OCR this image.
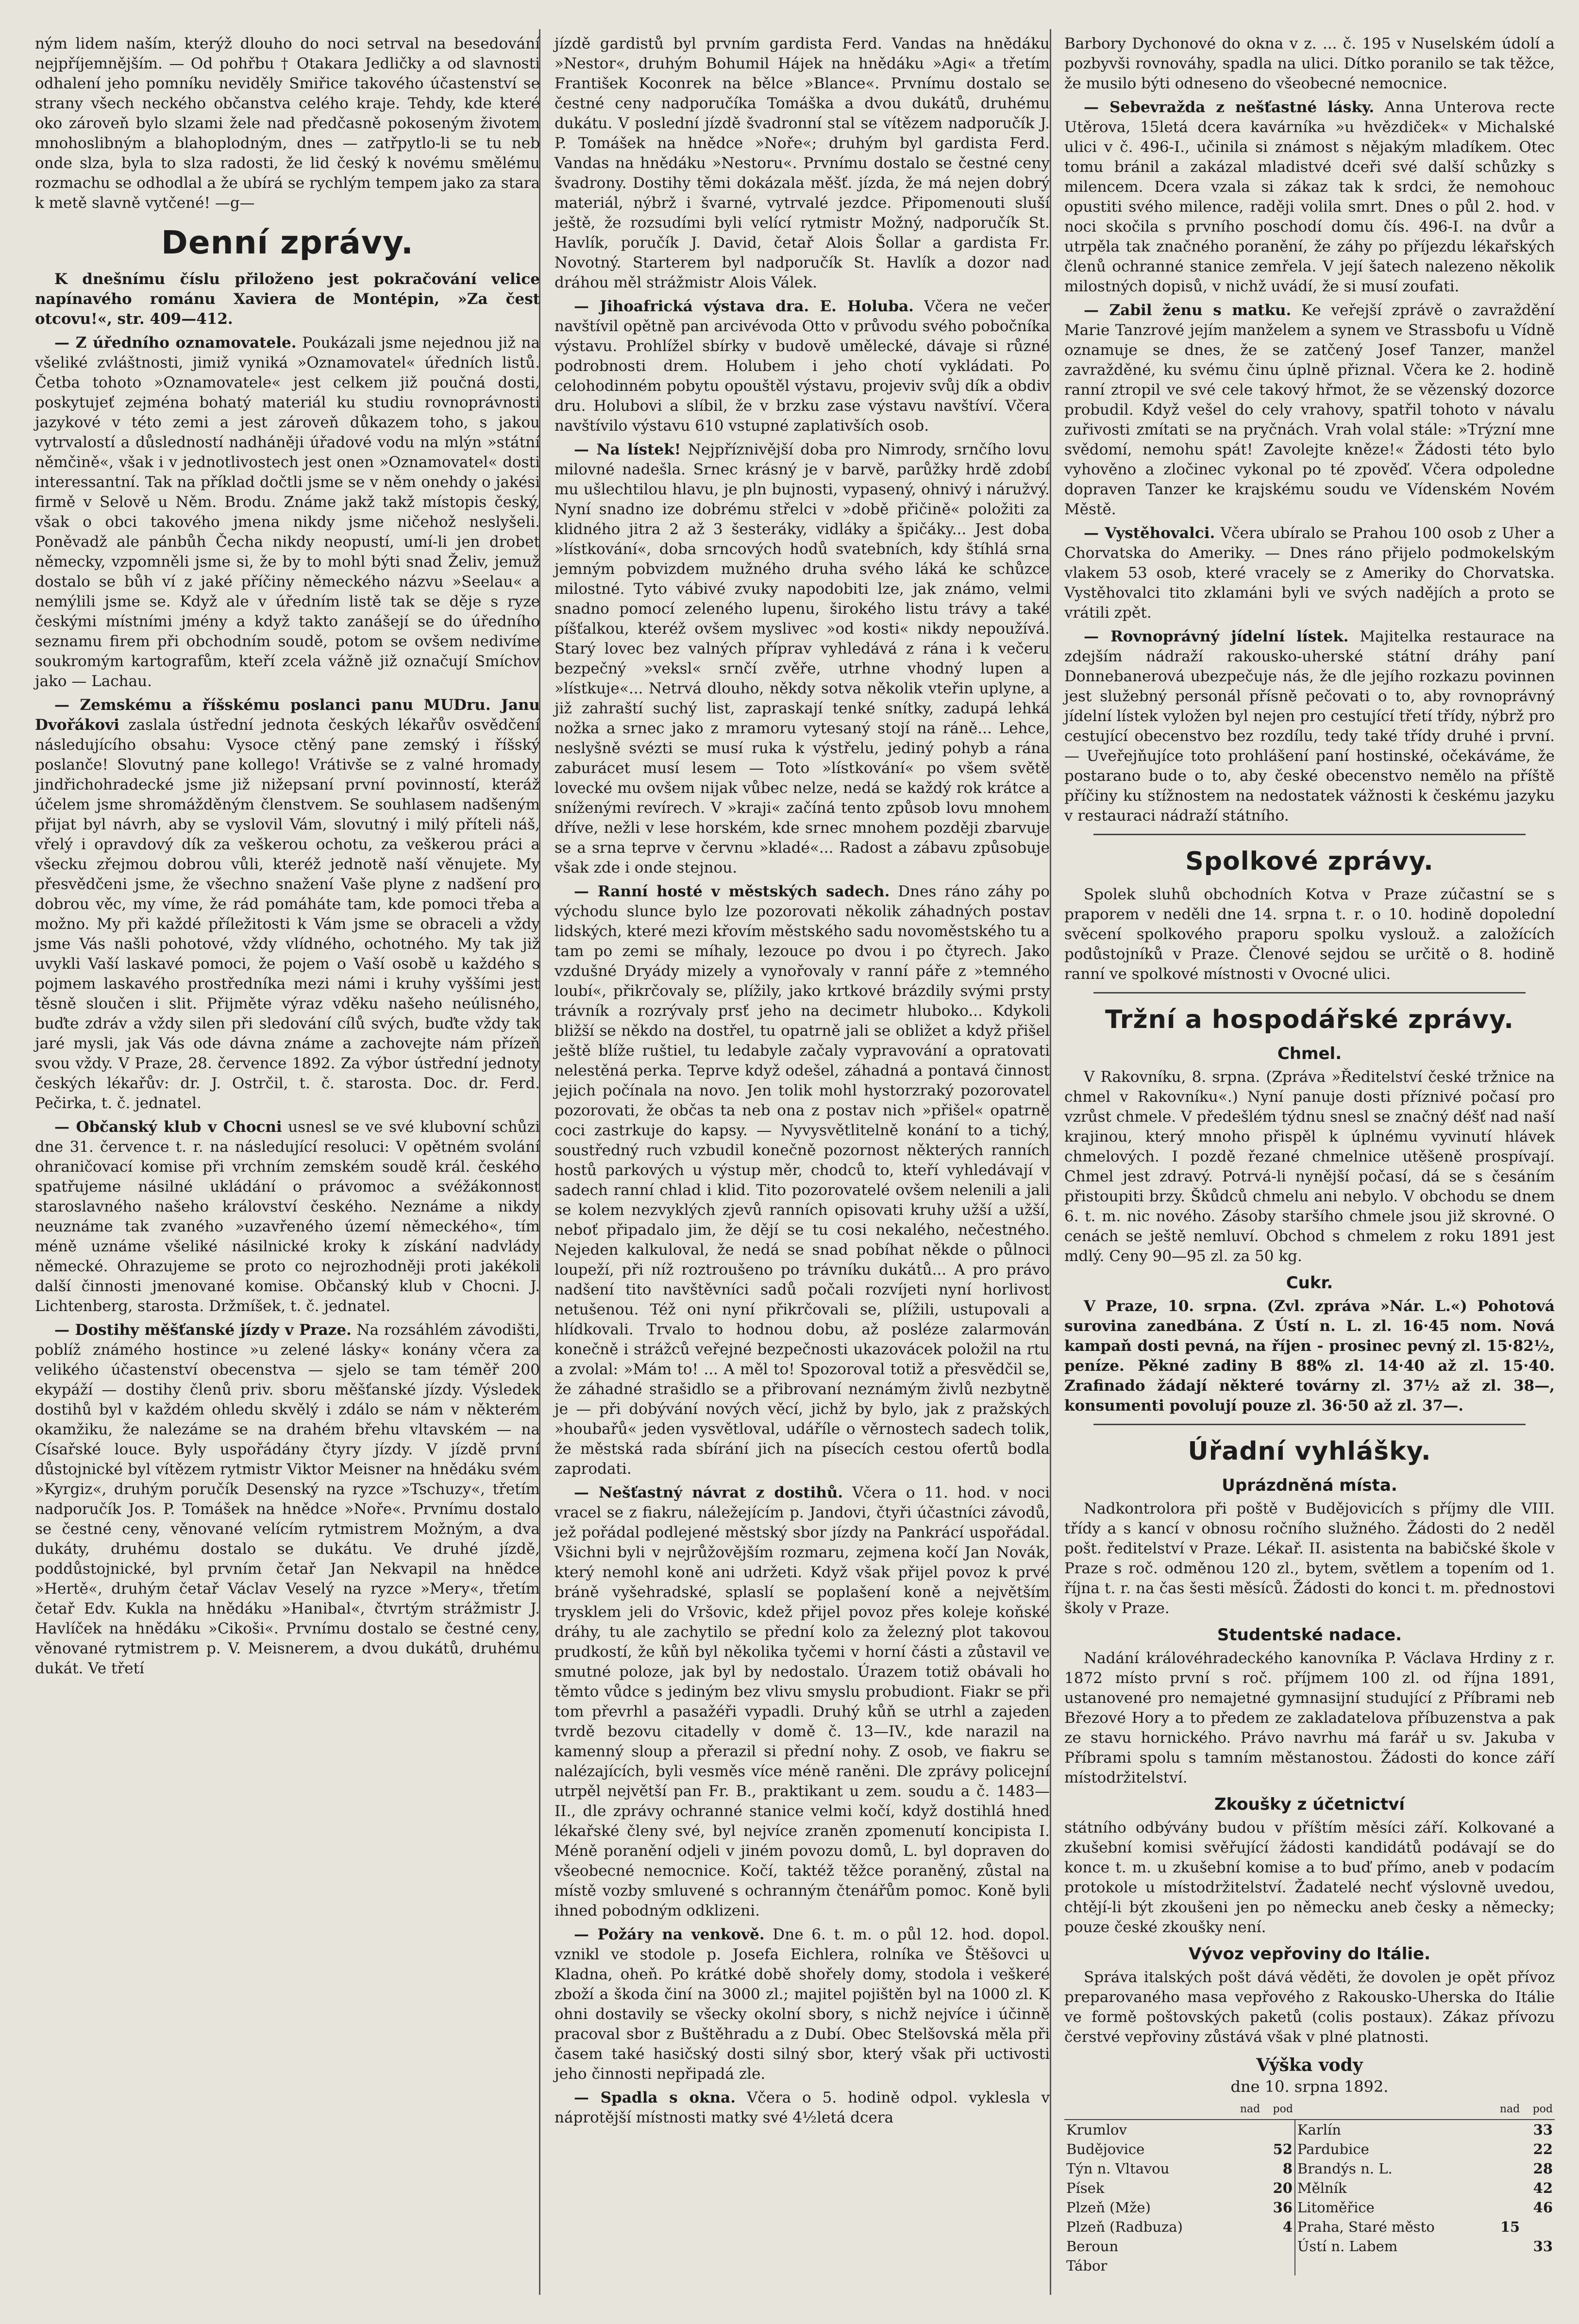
ným lidem naším, kterýž dlouho do noci setrval na besedování nejpříjemnějším. — Od pohřbu † Otakara Jedličky a od slavnosti odhalení jeho pomníku neviděly Smiřice takového účastenství se strany všech neckého občanstva celého kraje. Tehdy, kde které oko zároveň bylo slzami žele nad předčasně pokoseným životem mnohoslibným a blahoplodným, dnes — zatřpytlo-li se tu neb onde slza, byla to slza radosti, že lid český k novému smělému rozmachu se odhodlal a že ubírá se rychlým tempem jako za stara k metě slavně vytčené! —g—

Denní zprávy.

K dnešnímu číslu přiloženo jest pokračování velice napínavého románu Xaviera de Montépin, »Za čest otcovu!«, str. 409—412.

— Z úředního oznamovatele. Poukázali jsme nejednou již na všeliké zvláštnosti, jimiž vyniká »Oznamovatel« úředních listů. Četba tohoto »Oznamovatele« jest celkem již poučná dosti, poskytujeť zejména bohatý materiál ku studiu rovnoprávnosti jazykové v této zemi a jest zároveň důkazem toho, s jakou vytrvalostí a důsledností nadháněji úřadové vodu na mlýn »státní němčině«, však i v jednotlivostech jest onen »Oznamovatel« dosti interessantní. Tak na příklad dočtli jsme se v něm onehdy o jakési firmě v Selově u Něm. Brodu. Známe jakž takž místopis český, však o obci takového jmena nikdy jsme ničehož neslyšeli. Poněvadž ale pánbůh Čecha nikdy neopustí, umí-li jen drobet německy, vzpomněli jsme si, že by to mohl býti snad Želiv, jemuž dostalo se bůh ví z jaké příčiny německého názvu »Seelau« a nemýlili jsme se. Když ale v úředním listě tak se děje s ryze českými místními jmény a když takto zanášejí se do úředního seznamu firem při obchodním soudě, potom se ovšem nedivíme soukromým kartografům, kteří zcela vážně již označují Smíchov jako — Lachau.

— Zemskému a říšskému poslanci panu MUDru. Janu Dvořákovi zaslala ústřední jednota českých lékařův osvědčení následujícího obsahu: Vysoce ctěný pane zemský i říšský poslanče! Slovutný pane kollego! Vrátivše se z valné hromady jindřichohradecké jsme již nižepsaní první povinností, kteráž účelem jsme shromážděným členstvem. Se souhlasem nadšeným přijat byl návrh, aby se vyslovil Vám, slovutný i milý příteli náš, vřelý i opravdový dík za veškerou ochotu, za veškerou práci a všecku zřejmou dobrou vůli, kteréž jednotě naší věnujete. My přesvědčeni jsme, že všechno snažení Vaše plyne z nadšení pro dobrou věc, my víme, že rád pomáháte tam, kde pomoci třeba a možno. My při každé příležitosti k Vám jsme se obraceli a vždy jsme Vás našli pohotové, vždy vlídného, ochotného. My tak již uvykli Vaší laskavé pomoci, že pojem o Vaší osobě u každého s pojmem laskavého prostředníka mezi námi i kruhy vyššími jest těsně sloučen i slit. Přijměte výraz vděku našeho neúlisného, buďte zdráv a vždy silen při sledování cílů svých, buďte vždy tak jaré mysli, jak Vás ode dávna známe a zachovejte nám přízeň svou vždy. V Praze, 28. července 1892. Za výbor ústřední jednoty českých lékařův: dr. J. Ostrčil, t. č. starosta. Doc. dr. Ferd. Pečirka, t. č. jednatel.

— Občanský klub v Chocni usnesl se ve své klubovní schůzi dne 31. července t. r. na následující resoluci: V opětném svolání ohraničovací komise při vrchním zemském soudě král. českého spatřujeme násilné ukládání o právomoc a svéžákonnost staroslavného našeho království českého. Neznáme a nikdy neuznáme tak zvaného »uzavřeného území německého«, tím méně uznáme všeliké násilnické kroky k získání nadvlády německé. Ohrazujeme se proto co nejrozhodněji proti jakékoli další činnosti jmenované komise. Občanský klub v Chocni. J. Lichtenberg, starosta. Držmíšek, t. č. jednatel.

— Dostihy měšťanské jízdy v Praze. Na rozsáhlém závodišti, poblíž známého hostince »u zelené lásky« konány včera za velikého účastenství obecenstva — sjelo se tam téměř 200 ekypáží — dostihy členů priv. sboru měšťanské jízdy. Výsledek dostihů byl v každém ohledu skvělý i zdálo se nám v některém okamžiku, že nalezáme se na drahém břehu vltavském — na Císařské louce. Byly uspořádány čtyry jízdy. V jízdě první důstojnické byl vítězem rytmistr Viktor Meisner na hnědáku svém »Kyrgiz«, druhým poručík Desenský na ryzce »Tschuzy«, třetím nadporučík Jos. P. Tomášek na hnědce »Noře«. Prvnímu dostalo se čestné ceny, věnované velícím rytmistrem Možným, a dva dukáty, druhému dostalo se dukátu. Ve druhé jízdě, poddůstojnické, byl prvním četař Jan Nekvapil na hnědce »Hertě«, druhým četař Václav Veselý na ryzce »Mery«, třetím četař Edv. Kukla na hnědáku »Hanibal«, čtvrtým strážmistr J. Havlíček na hnědáku »Cikoši«. Prvnímu dostalo se čestné ceny, věnované rytmistrem p. V. Meisnerem, a dvou dukátů, druhému dukát. Ve třetí

jízdě gardistů byl prvním gardista Ferd. Vandas na hnědáku »Nestor«, druhým Bohumil Hájek na hnědáku »Agi« a třetím František Koconrek na bělce »Blance«. Prvnímu dostalo se čestné ceny nadporučíka Tomáška a dvou dukátů, druhému dukátu. V poslední jízdě švadronní stal se vítězem nadporučík J. P. Tomášek na hnědce »Noře«; druhým byl gardista Ferd. Vandas na hnědáku »Nestoru«. Prvnímu dostalo se čestné ceny švadrony. Dostihy těmi dokázala měšť. jízda, že má nejen dobrý materiál, nýbrž i švarné, vytrvalé jezdce. Připomenouti sluší ještě, že rozsudími byli velící rytmistr Možný, nadporučík St. Havlík, poručík J. David, četař Alois Šollar a gardista Fr. Novotný. Starterem byl nadporučík St. Havlík a dozor nad dráhou měl strážmistr Alois Válek.

— Jihoafrická výstava dra. E. Holuba. Včera ne večer navštívil opětně pan arcivévoda Otto v průvodu svého pobočníka výstavu. Prohlížel sbírky v budově umělecké, dávaje si různé podrobnosti drem. Holubem i jeho chotí vykládati. Po celohodinném pobytu opouštěl výstavu, projeviv svůj dík a obdiv dru. Holubovi a slíbil, že v brzku zase výstavu navštíví. Včera navštívilo výstavu 610 vstupné zaplativších osob.

— Na lístek! Nejpříznivější doba pro Nimrody, srnčího lovu milovné nadešla. Srnec krásný je v barvě, parůžky hrdě zdobí mu ušlechtilou hlavu, je pln bujnosti, vypasený, ohnivý i náružvý. Nyní snadno ize dobrému střelci v »době přičině« položiti za klidného jitra 2 až 3 šesteráky, vidláky a špičáky... Jest doba »lístkování«, doba srncových hodů svatebních, kdy štíhlá srna jemným pobvizdem mužného druha svého láká ke schůzce milostné. Tyto vábivé zvuky napodobiti lze, jak známo, velmi snadno pomocí zeleného lupenu, širokého listu trávy a také píšťalkou, kteréž ovšem myslivec »od kosti« nikdy nepoužívá. Starý lovec bez valných příprav vyhledává z rána i k večeru bezpečný »veksl« srnčí zvěře, utrhne vhodný lupen a »lístkuje«... Netrvá dlouho, někdy sotva několik vteřin uplyne, a již zahraští suchý list, zapraskají tenké snítky, zadupá lehká nožka a srnec jako z mramoru vytesaný stojí na ráně... Lehce, neslyšně svézti se musí ruka k výstřelu, jediný pohyb a rána zaburácet musí lesem — Toto »lístkování« po všem světě lovecké mu ovšem nijak vůbec nelze, nedá se každý rok krátce a sníženými revírech. V »kraji« začíná tento způsob lovu mnohem dříve, nežli v lese horském, kde srnec mnohem později zbarvuje se a srna teprve v červnu »kladé«... Radost a zábavu způsobuje však zde i onde stejnou.

— Ranní hosté v městských sadech. Dnes ráno záhy po východu slunce bylo lze pozorovati několik záhadných postav lidských, které mezi křovím městského sadu novoměstského tu a tam po zemi se míhaly, lezouce po dvou i po čtyrech. Jako vzdušné Dryády mizely a vynořovaly v ranní páře z »temného loubí«, přikrčovaly se, plížily, jako krtkové brázdily svými prsty trávník a rozrývaly prsť jeho na decimetr hluboko... Kdykoli bližší se někdo na dostřel, tu opatrně jali se obližet a když přišel ještě blíže ruštiel, tu ledabyle začaly vypravování a opratovati nelestěná perka. Teprve když odešel, záhadná a pontavá činnost jejich počínala na novo. Jen tolik mohl hystorzraký pozorovatel pozorovati, že občas ta neb ona z postav nich »přišel« opatrně coci zastrkuje do kapsy. — Nyvysvětlitelně konání to a tichý, soustředný ruch vzbudil konečně pozornost některých ranních hostů parkových u výstup měr, chodců to, kteří vyhledávají v sadech ranní chlad i klid. Tito pozorovatelé ovšem nelenili a jali se kolem nezvyklých zjevů ranních opisovati kruhy užší a užší, neboť připadalo jim, že dějí se tu cosi nekalého, nečestného. Nejeden kalkuloval, že nedá se snad pobíhat někde o půlnoci loupeží, při níž roztroušeno po trávníku dukátů... A pro právo nadšení tito navštěvníci sadů počali rozvíjeti nyní horlivost netušenou. Též oni nyní přikrčovali se, plížili, ustupovali a hlídkovali. Trvalo to hodnou dobu, až posléze zalarmován konečně i strážců veřejné bezpečnosti ukazovácek položil na rtu a zvolal: »Mám to! ... A měl to! Spozoroval totiž a přesvědčil se, že záhadné strašidlo se a přibrovaní neznámým živlů nezbytně je — při dobývání nových věcí, jichž by bylo, jak z pražských »houbařů« jeden vysvětloval, udáříle o věrnostech sadech tolik, že městská rada sbírání jich na písecích cestou ofertů bodla zaprodati.

— Nešťastný návrat z dostihů. Včera o 11. hod. v noci vracel se z fiakru, náležejícím p. Jandovi, čtyři účastníci závodů, jež pořádal podlejené městský sbor jízdy na Pankrácí uspořádal. Všichni byli v nejrůžovějším rozmaru, zejmena kočí Jan Novák, který nemohl koně ani udržeti. Když však přijel povoz k prvé bráně vyšehradské, splaslí se poplašení koně a největším trysklem jeli do Vršovic, kdež přijel povoz přes koleje koňské dráhy, tu ale zachytilo se přední kolo za železný plot takovou prudkostí, že kůň byl několika tyčemi v horní části a zůstavil ve smutné poloze, jak byl by nedostalo. Úrazem totiž obávali ho těmto vůdce s jediným bez vlivu smyslu probudiont. Fiakr se při tom převrhl a pasažéři vypadli. Druhý kůň se utrhl a zajeden tvrdě bezovu citadelly v domě č. 13—IV., kde narazil na kamenný sloup a přerazil si přední nohy. Z osob, ve fiakru se nalézajících, byli vesměs více méně raněni. Dle zprávy policejní utrpěl největší pan Fr. B., praktikant u zem. soudu a č. 1483—II., dle zprávy ochranné stanice velmi kočí, když dostihlá hned lékařské členy své, byl nejvíce zraněn zpomenutí koncipista I. Méně poranění odjeli v jiném povozu domů, L. byl dopraven do všeobecné nemocnice. Kočí, taktéž těžce poraněný, zůstal na místě vozby smluvené s ochranným čtenářům pomoc. Koně byli ihned pobodným odklizeni.

— Požáry na venkově. Dne 6. t. m. o půl 12. hod. dopol. vznikl ve stodole p. Josefa Eichlera, rolníka ve Štěšovci u Kladna, oheň. Po krátké době shořely domy, stodola i veškeré zboží a škoda činí na 3000 zl.; majitel pojištěn byl na 1000 zl. K ohni dostavily se všecky okolní sbory, s nichž nejvíce i účinně pracoval sbor z Buštěhradu a z Dubí. Obec Stelšovská měla při časem také hasičský dosti silný sbor, který však při uctivosti jeho činnosti nepřipadá zle.

— Spadla s okna. Včera o 5. hodině odpol. vyklesla v náprotější místnosti matky své 4½letá dcera

Barbory Dychonové do okna v z. ... č. 195 v Nuselském údolí a pozbyvši rovnováhy, spadla na ulici. Dítko poranilo se tak těžce, že musilo býti odneseno do všeobecné nemocnice.

— Sebevražda z nešťastné lásky. Anna Unterova recte Utěrova, 15letá dcera kavárníka »u hvězdiček« v Michalské ulici v č. 496-I., učinila si známost s nějakým mladíkem. Otec tomu bránil a zakázal mladistvé dceři své další schůzky s milencem. Dcera vzala si zákaz tak k srdci, že nemohouc opustiti svého milence, raději volila smrt. Dnes o půl 2. hod. v noci skočila s prvního poschodí domu čís. 496-I. na dvůr a utrpěla tak značného poranění, že záhy po příjezdu lékařských členů ochranné stanice zemřela. V její šatech nalezeno několik milostných dopisů, v nichž uvádí, že si musí zoufati.

— Zabil ženu s matku. Ke veřejší zprávě o zavraždění Marie Tanzrové jejím manželem a synem ve Strassbofu u Vídně oznamuje se dnes, že se zatčený Josef Tanzer, manžel zavražděné, ku svému činu úplně přiznal. Včera ke 2. hodině ranní ztropil ve své cele takový hřmot, že se vězenský dozorce probudil. Když vešel do cely vrahovy, spatřil tohoto v návalu zuřivosti zmítati se na pryčnách. Vrah volal stále: »Trýzní mne svědomí, nemohu spát! Zavolejte kněze!« Žádosti této bylo vyhověno a zločinec vykonal po té zpověď. Včera odpoledne dopraven Tanzer ke krajskému soudu ve Vídenském Novém Městě.

— Vystěhovalci. Včera ubíralo se Prahou 100 osob z Uher a Chorvatska do Ameriky. — Dnes ráno přijelo podmokelským vlakem 53 osob, které vracely se z Ameriky do Chorvatska. Vystěhovalci tito zklamáni byli ve svých nadějích a proto se vrátili zpět.

— Rovnoprávný jídelní lístek. Majitelka restaurace na zdejším nádraží rakousko-uherské státní dráhy paní Donnebanerová ubezpečuje nás, že dle jejího rozkazu povinnen jest služebný personál přísně pečovati o to, aby rovnoprávný jídelní lístek vyložen byl nejen pro cestující třetí třídy, nýbrž pro cestující obecenstvo bez rozdílu, tedy také třídy druhé i první. — Uveřejňujíce toto prohlášení paní hostinské, očekáváme, že postarano bude o to, aby české obecenstvo nemělo na příště příčiny ku stížnostem na nedostatek vážnosti k českému jazyku v restauraci nádraží státního.

Spolkové zprávy.

Spolek sluhů obchodních Kotva v Praze zúčastní se s praporem v neděli dne 14. srpna t. r. o 10. hodině dopolední svěcení spolkového praporu spolku vyslouž. a založících podůstojníků v Praze. Členové sejdou se určitě o 8. hodině ranní ve spolkové místnosti v Ovocné ulici.

Tržní a hospodářské zprávy.
Chmel.

V Rakovníku, 8. srpna. (Zpráva »Ředitelství české tržnice na chmel v Rakovníku«.) Nyní panuje dosti příznivé počasí pro vzrůst chmele. V předešlém týdnu snesl se značný déšť nad naší krajinou, který mnoho přispěl k úplnému vyvinutí hlávek chmelových. I pozdě řezané chmelnice utěšeně prospívají. Chmel jest zdravý. Potrvá-li nynější počasí, dá se s česáním přistoupiti brzy. Škůdců chmelu ani nebylo. V obchodu se dnem 6. t. m. nic nového. Zásoby staršího chmele jsou již skrovné. O cenách se ještě nemluví. Obchod s chmelem z roku 1891 jest mdlý. Ceny 90—95 zl. za 50 kg.

Cukr.

V Praze, 10. srpna. (Zvl. zpráva »Nár. L.«) Pohotová surovina zanedbána. Z Ústí n. L. zl. 16·45 nom. Nová kampaň dosti pevná, na říjen - prosinec pevný zl. 15·82½, peníze. Pěkné zadiny B 88% zl. 14·40 až zl. 15·40. Zrafinado žádají některé továrny zl. 37½ až zl. 38—, konsumenti povolují pouze zl. 36·50 až zl. 37—.

Úřadní vyhlášky.
Uprázdněná místa.

Nadkontrolora při poště v Budějovicích s příjmy dle VIII. třídy a s kancí v obnosu ročního služného. Žádosti do 2 neděl pošt. ředitelství v Praze. Lékař. II. asistenta na babičské škole v Praze s roč. odměnou 120 zl., bytem, světlem a topením od 1. října t. r. na čas šesti měsíců. Žádosti do konci t. m. přednostovi školy v Praze.

Studentské nadace.

Nadání královéhradeckého kanovníka P. Václava Hrdiny z r. 1872 místo první s roč. příjmem 100 zl. od října 1891, ustanovené pro nemajetné gymnasijní studující z Příbrami neb Březové Hory a to předem ze zakladatelova příbuzenstva a pak ze stavu hornického. Právo navrhu má farář u sv. Jakuba v Příbrami spolu s tamním městanostou. Žádosti do konce září místodržitelství.

Zkoušky z účetnictví

státního odbývány budou v příštím měsíci září. Kolkované a zkušební komisi svěřující žádosti kandidátů podávají se do konce t. m. u zkušební komise a to buď přímo, aneb v podacím protokole u místodržitelství. Žadatelé nechť výslovně uvedou, chtějí-li být zkoušeni jen po německu aneb česky a německy; pouze české zkoušky není.

Vývoz vepřoviny do Itálie.

Správa italských pošt dává věděti, že dovolen je opět přívoz preparovaného masa vepřového z Rakousko-Uherska do Itálie ve formě poštovských paketů (colis postaux). Zákaz přívozu čerstvé vepřoviny zůstává však v plné platnosti.

Výška vody
dne 10. srpna 1892.
	nad	pod		nad	pod
Krumlov			Karlín		33
Budějovice		52	Pardubice		22
Týn n. Vltavou		8	Brandýs n. L.		28
Písek		20	Mělník		42
Plzeň (Mže)		36	Litoměřice		46
Plzeň (Radbuza)		4	Praha, Staré město	15	
Beroun			Ústí n. Labem		33
Tábor					
